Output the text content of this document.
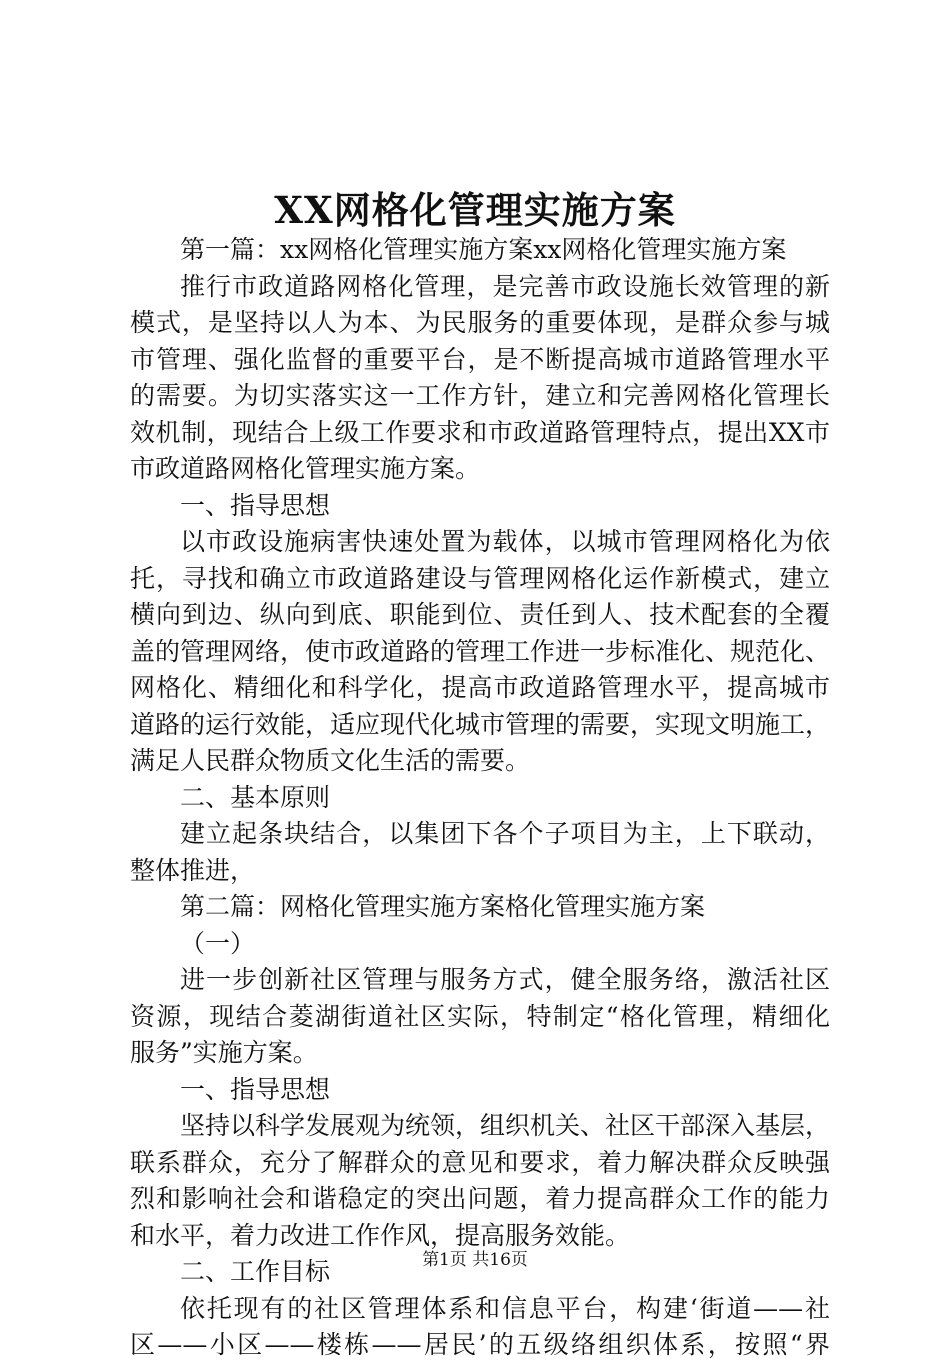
XX网格化管理实施方案
第一篇：xx网格化管理实施方案xx网格化管理实施方案
推行市政道路网格化管理，是完善市政设施长效管理的新
模式，是坚持以人为本、为民服务的重要体现，是群众参与城
市管理、强化监督的重要平台，是不断提高城市道路管理水平
的需要。为切实落实这一工作方针，建立和完善网格化管理长
效机制，现结合上级工作要求和市政道路管理特点，提出XX市
市政道路网格化管理实施方案。
一、指导思想
以市政设施病害快速处置为载体，以城市管理网格化为依
托，寻找和确立市政道路建设与管理网格化运作新模式，建立
横向到边、纵向到底、职能到位、责任到人、技术配套的全覆
盖的管理网络，使市政道路的管理工作进一步标准化、规范化、
网格化、精细化和科学化，提高市政道路管理水平，提高城市
道路的运行效能，适应现代化城市管理的需要，实现文明施工，
满足人民群众物质文化生活的需要。
二、基本原则
建立起条块结合，以集团下各个子项目为主，上下联动，
整体推进，
第二篇：网格化管理实施方案格化管理实施方案
（一）
进一步创新社区管理与服务方式，健全服务络，激活社区
资源，现结合菱湖街道社区实际，特制定“格化管理，精细化
服务”实施方案。
一、指导思想
坚持以科学发展观为统领，组织机关、社区干部深入基层，
联系群众，充分了解群众的意见和要求，着力解决群众反映强
烈和影响社会和谐稳定的突出问题，着力提高群众工作的能力
和水平，着力改进工作作风，提高服务效能。
二、工作目标
依托现有的社区管理体系和信息平台，构建‘街道——社
区——小区——楼栋——居民’的五级络组织体系，按照“界
第1页 共16页
